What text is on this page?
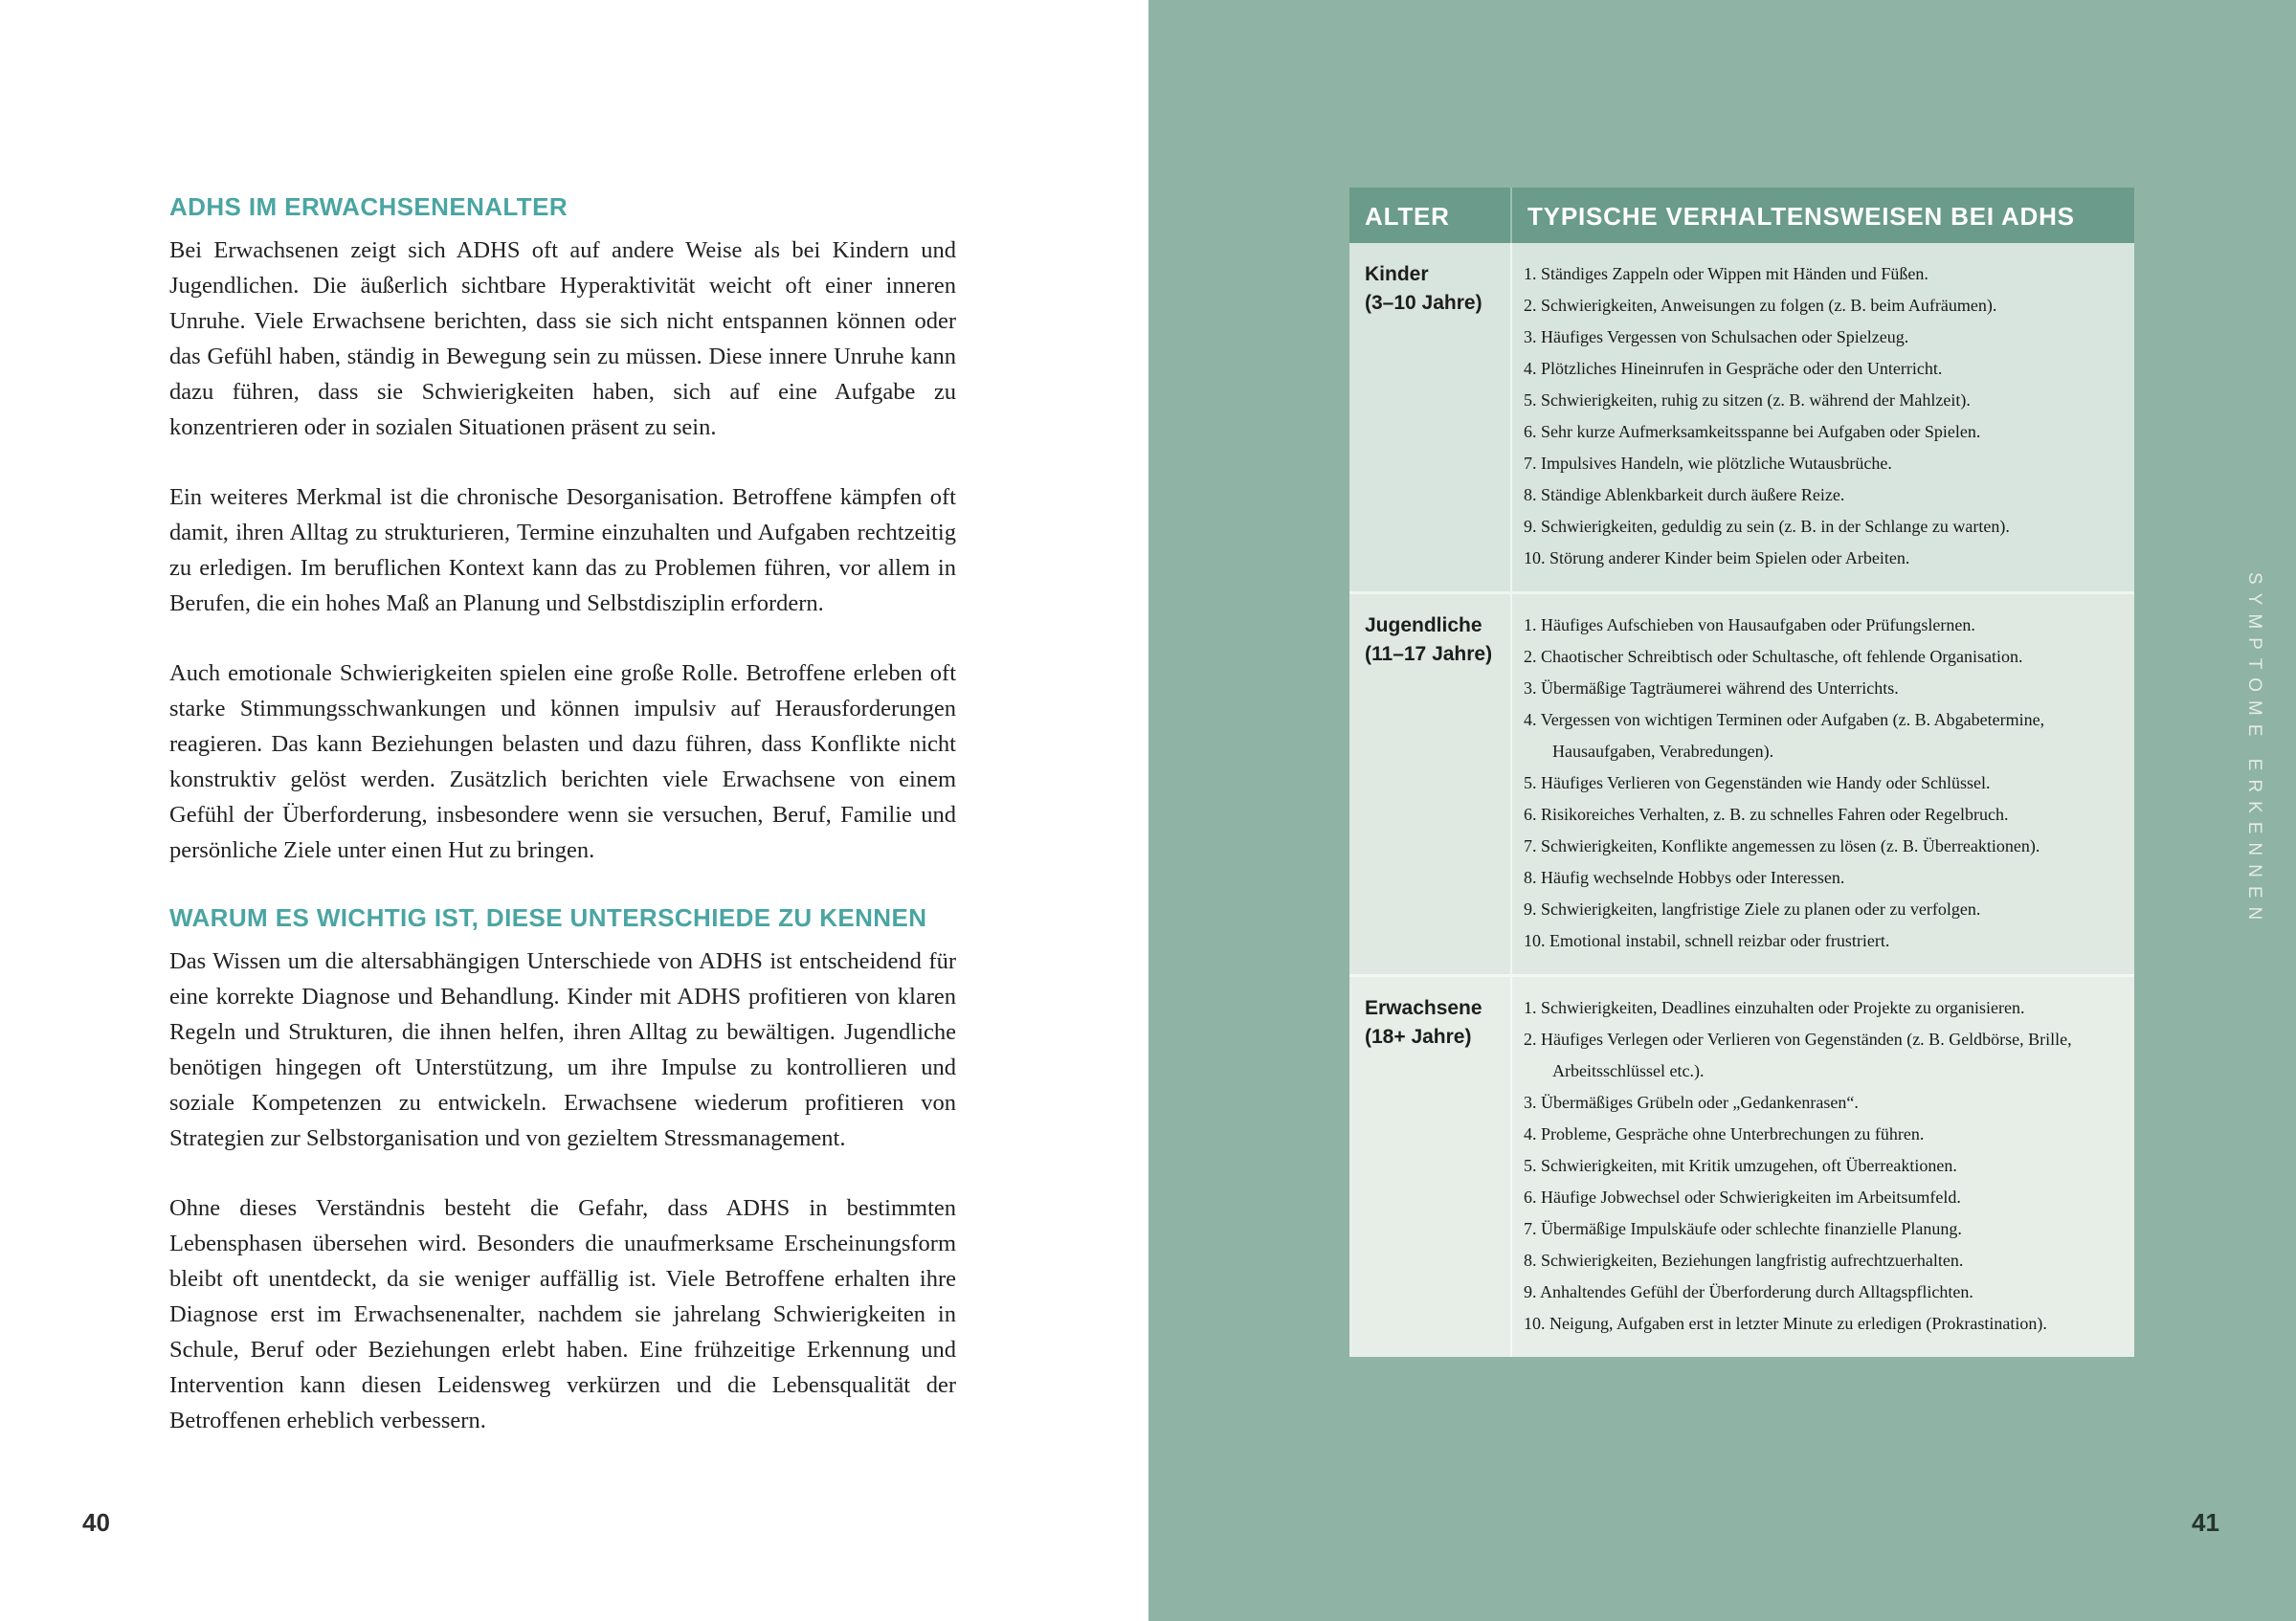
ADHS IM ERWACHSENENALTER

Bei Erwachsenen zeigt sich ADHS oft auf andere Weise als bei Kindern und Jugendlichen. Die äußerlich sichtbare Hyperaktivität weicht oft einer inneren Unruhe. Viele Erwachsene berichten, dass sie sich nicht entspannen können oder das Gefühl haben, ständig in Bewegung sein zu müssen. Diese innere Unruhe kann dazu führen, dass sie Schwierigkeiten haben, sich auf eine Aufgabe zu konzentrieren oder in sozialen Situationen präsent zu sein.

Ein weiteres Merkmal ist die chronische Desorganisation. Betroffene kämpfen oft damit, ihren Alltag zu strukturieren, Termine einzuhalten und Aufgaben rechtzeitig zu erledigen. Im beruflichen Kontext kann das zu Problemen führen, vor allem in Berufen, die ein hohes Maß an Planung und Selbstdisziplin erfordern.

Auch emotionale Schwierigkeiten spielen eine große Rolle. Betroffene erleben oft starke Stimmungsschwankungen und können impulsiv auf Herausforderungen reagieren. Das kann Beziehungen belasten und dazu führen, dass Konflikte nicht konstruktiv gelöst werden. Zusätzlich berichten viele Erwachsene von einem Gefühl der Überforderung, insbesondere wenn sie versuchen, Beruf, Familie und persönliche Ziele unter einen Hut zu bringen.

WARUM ES WICHTIG IST, DIESE UNTERSCHIEDE ZU KENNEN

Das Wissen um die altersabhängigen Unterschiede von ADHS ist entscheidend für eine korrekte Diagnose und Behandlung. Kinder mit ADHS profitieren von klaren Regeln und Strukturen, die ihnen helfen, ihren Alltag zu bewältigen. Jugendliche benötigen hingegen oft Unterstützung, um ihre Impulse zu kontrollieren und soziale Kompetenzen zu entwickeln. Erwachsene wiederum profitieren von Strategien zur Selbstorganisation und von gezieltem Stressmanagement.

Ohne dieses Verständnis besteht die Gefahr, dass ADHS in bestimmten Lebensphasen übersehen wird. Besonders die unaufmerksame Erscheinungsform bleibt oft unentdeckt, da sie weniger auffällig ist. Viele Betroffene erhalten ihre Diagnose erst im Erwachsenenalter, nachdem sie jahrelang Schwierigkeiten in Schule, Beruf oder Beziehungen erlebt haben. Eine frühzeitige Erkennung und Intervention kann diesen Leidensweg verkürzen und die Lebensqualität der Betroffenen erheblich verbessern.

40
ALTER	TYPISCHE VERHALTENSWEISEN BEI ADHS
Kinder
(3–10 Jahre)
Ständiges Zappeln oder Wippen mit Händen und Füßen.
Schwierigkeiten, Anweisungen zu folgen (z. B. beim Aufräumen).
Häufiges Vergessen von Schulsachen oder Spielzeug.
Plötzliches Hineinrufen in Gespräche oder den Unterricht.
Schwierigkeiten, ruhig zu sitzen (z. B. während der Mahlzeit).
Sehr kurze Aufmerksamkeitsspanne bei Aufgaben oder Spielen.
Impulsives Handeln, wie plötzliche Wutausbrüche.
Ständige Ablenkbarkeit durch äußere Reize.
Schwierigkeiten, geduldig zu sein (z. B. in der Schlange zu warten).
Störung anderer Kinder beim Spielen oder Arbeiten.
Jugendliche
(11–17 Jahre)
Häufiges Aufschieben von Hausaufgaben oder Prüfungslernen.
Chaotischer Schreibtisch oder Schultasche, oft fehlende Organisation.
Übermäßige Tagträumerei während des Unterrichts.
Vergessen von wichtigen Terminen oder Aufgaben (z. B. Abgabetermine, Hausaufgaben, Verabredungen).
Häufiges Verlieren von Gegenständen wie Handy oder Schlüssel.
Risikoreiches Verhalten, z. B. zu schnelles Fahren oder Regelbruch.
Schwierigkeiten, Konflikte angemessen zu lösen (z. B. Überreaktionen).
Häufig wechselnde Hobbys oder Interessen.
Schwierigkeiten, langfristige Ziele zu planen oder zu verfolgen.
Emotional instabil, schnell reizbar oder frustriert.
Erwachsene
(18+ Jahre)
Schwierigkeiten, Deadlines einzuhalten oder Projekte zu organisieren.
Häufiges Verlegen oder Verlieren von Gegenständen (z. B. Geldbörse, Brille, Arbeitsschlüssel etc.).
Übermäßiges Grübeln oder „Gedankenrasen“.
Probleme, Gespräche ohne Unterbrechungen zu führen.
Schwierigkeiten, mit Kritik umzugehen, oft Überreaktionen.
Häufige Jobwechsel oder Schwierigkeiten im Arbeitsumfeld.
Übermäßige Impulskäufe oder schlechte finanzielle Planung.
Schwierigkeiten, Beziehungen langfristig aufrechtzuerhalten.
Anhaltendes Gefühl der Überforderung durch Alltagspflichten.
Neigung, Aufgaben erst in letzter Minute zu erledigen (Prokrastination).
SYMPTOME ERKENNEN
41
